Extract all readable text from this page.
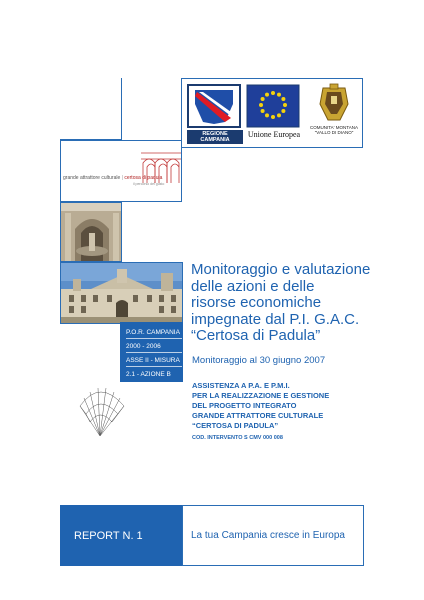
REGIONE CAMPANIA
Unione Europea
COMUNITA' MONTANA
"VALLO DI DIANO"
grande attrattore culturale | certosa di padula
il percorso del gusto
P.O.R. CAMPANIA
2000 - 2006
ASSE II - MISURA
2.1 - AZIONE B
Monitoraggio e valutazione
delle azioni e delle
risorse economiche
impegnate dal P.I. G.A.C.
“Certosa di Padula”
Monitoraggio al 30 giugno 2007
ASSISTENZA A P.A. E P.M.I.
PER LA REALIZZAZIONE E GESTIONE
DEL PROGETTO INTEGRATO
GRANDE ATTRATTORE CULTURALE
“CERTOSA DI PADULA”
COD. INTERVENTO S CMV 000 008
REPORT N. 1	La tua Campania cresce in Europa
